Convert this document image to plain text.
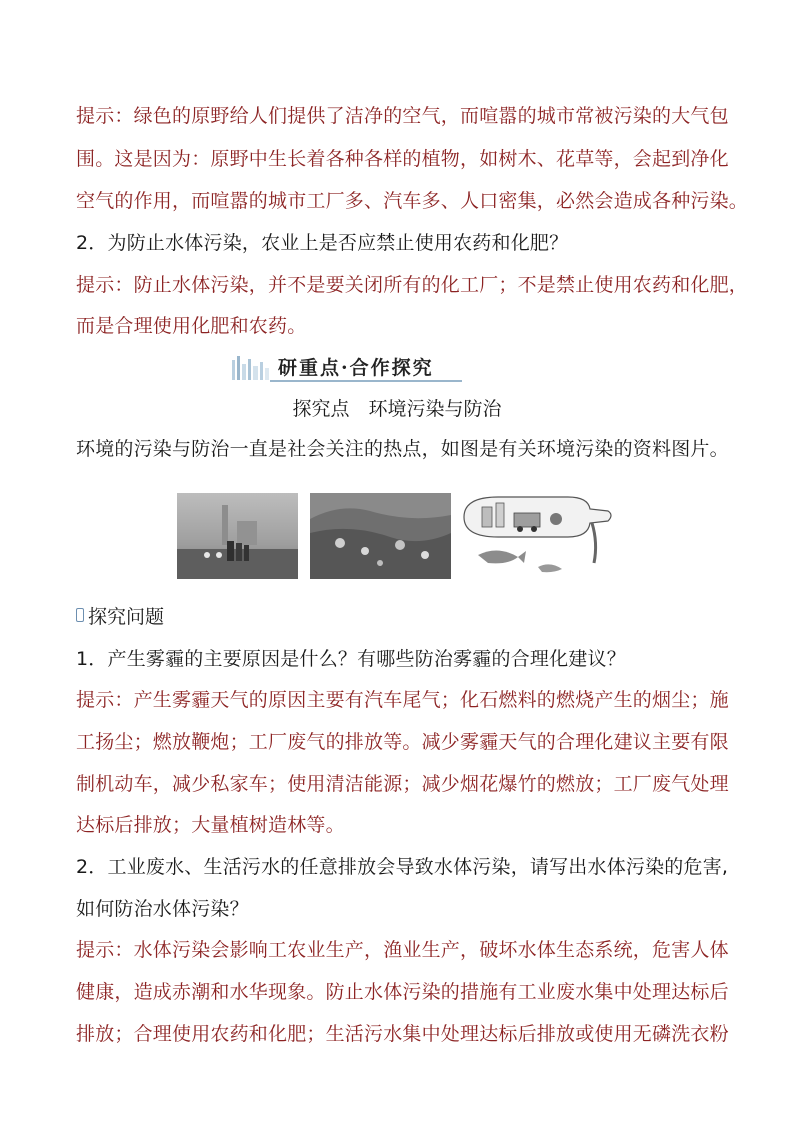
提示：绿色的原野给人们提供了洁净的空气，而喧嚣的城市常被污染的大气包
围。这是因为：原野中生长着各种各样的植物，如树木、花草等，会起到净化
空气的作用，而喧嚣的城市工厂多、汽车多、人口密集，必然会造成各种污染。
2．为防止水体污染，农业上是否应禁止使用农药和化肥？
提示：防止水体污染，并不是要关闭所有的化工厂；不是禁止使用农药和化肥，
而是合理使用化肥和农药。
研重点·合作探究
探究点　环境污染与防治
环境的污染与防治一直是社会关注的热点，如图是有关环境污染的资料图片。
探究问题
1．产生雾霾的主要原因是什么？有哪些防治雾霾的合理化建议？
提示：产生雾霾天气的原因主要有汽车尾气；化石燃料的燃烧产生的烟尘；施
工扬尘；燃放鞭炮；工厂废气的排放等。减少雾霾天气的合理化建议主要有限
制机动车，减少私家车；使用清洁能源；减少烟花爆竹的燃放；工厂废气处理
达标后排放；大量植树造林等。
2．工业废水、生活污水的任意排放会导致水体污染，请写出水体污染的危害,
如何防治水体污染？
提示：水体污染会影响工农业生产，渔业生产，破坏水体生态系统，危害人体
健康，造成赤潮和水华现象。防止水体污染的措施有工业废水集中处理达标后
排放；合理使用农药和化肥；生活污水集中处理达标后排放或使用无磷洗衣粉
